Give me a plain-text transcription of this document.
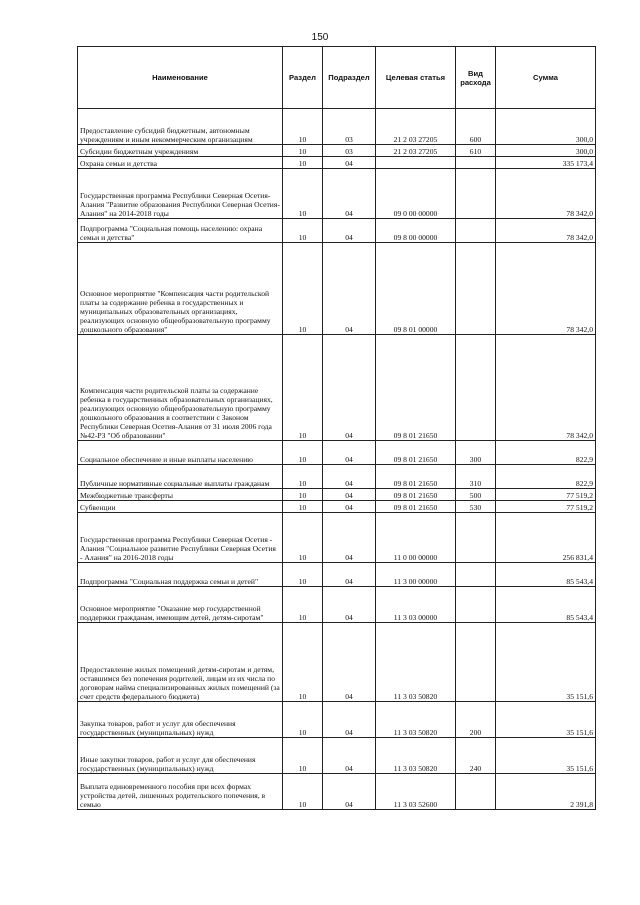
150
Наименование	Раздел	Подраздел	Целевая статья	Вид расхода	Сумма
Предоставление субсидий бюджетным, автономным учреждениям и иным некоммерческим организациям	10	03	21 2 03 27205	600	300,0
Субсидии бюджетным учреждениям	10	03	21 2 03 27205	610	300,0
Охрана семьи и детства	10	04			335 173,4
Государственная программа Республики Северная Осетия-Алания "Развитие образования Республики Северная Осетия-Алания" на 2014-2018 годы	10	04	09 0 00 00000		78 342,0
Подпрограмма "Социальная помощь населению: охрана семьи и детства"	10	04	09 8 00 00000		78 342,0
Основное мероприятие "Компенсация части родительской платы за содержание ребенка в государственных и муниципальных образовательных организациях, реализующих основную общеобразовательную программу дошкольного образования"	10	04	09 8 01 00000		78 342,0
Компенсация части родительской платы за содержание ребенка в государственных образовательных организациях, реализующих основную общеобразовательную программу дошкольного образования в соответствии с Законом Республики Северная Осетия-Алания от 31 июля 2006 года №42-РЗ "Об образовании"	10	04	09 8 01 21650		78 342,0
Социальное обеспечение и иные выплаты населению	10	04	09 8 01 21650	300	822,9
Публичные нормативные социальные выплаты гражданам	10	04	09 8 01 21650	310	822,9
Межбюджетные трансферты	10	04	09 8 01 21650	500	77 519,2
Субвенции	10	04	09 8 01 21650	530	77 519,2
Государственная программа Республики Северная Осетия - Алания "Социальное развитие Республики Северная Осетия - Алания" на 2016-2018 годы	10	04	11 0 00 00000		256 831,4
Подпрограмма "Социальная поддержка семьи и детей"	10	04	11 3 00 00000		85 543,4
Основное мероприятие "Оказание мер государственной поддержки гражданам, имеющим детей, детям-сиротам"	10	04	11 3 03 00000		85 543,4
Предоставление жилых помещений детям-сиротам и детям, оставшимся без попечения родителей, лицам из их числа по договорам найма специализированных жилых помещений (за счет средств федерального бюджета)	10	04	11 3 03 50820		35 151,6
Закупка товаров, работ и услуг для обеспечения государственных (муниципальных) нужд	10	04	11 3 03 50820	200	35 151,6
Иные закупки товаров, работ и услуг для обеспечения государственных (муниципальных) нужд	10	04	11 3 03 50820	240	35 151,6
Выплата единовременного пособия при всех формах устройства детей, лишенных родительского попечения, в семью	10	04	11 3 03 52600		2 391,8
